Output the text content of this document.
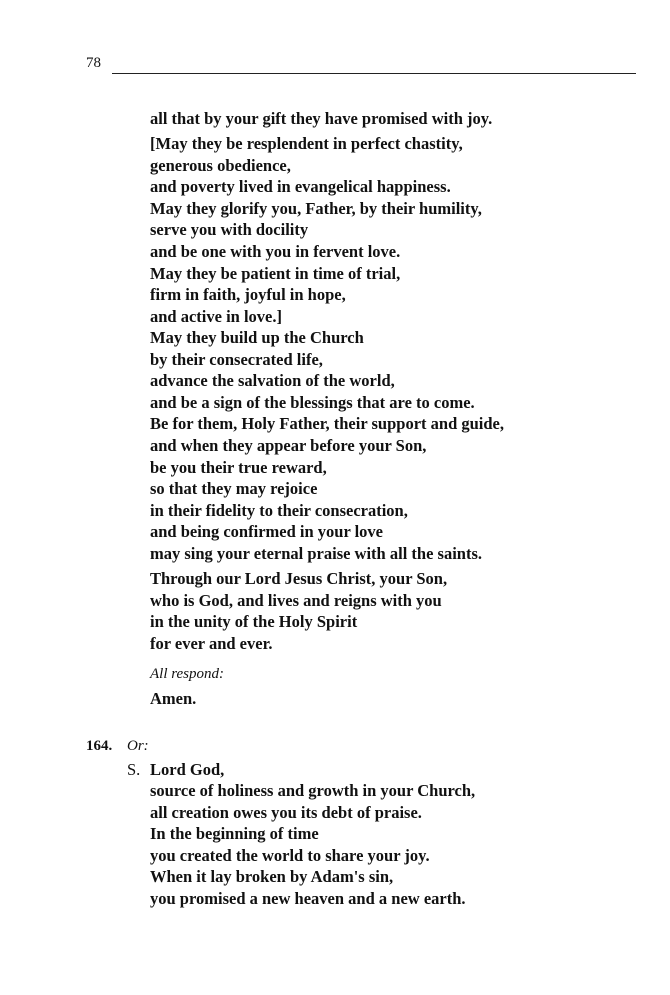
78
all that by your gift they have promised with joy.
[May they be resplendent in perfect chastity,
generous obedience,
and poverty lived in evangelical happiness.
May they glorify you, Father, by their humility,
serve you with docility
and be one with you in fervent love.
May they be patient in time of trial,
firm in faith, joyful in hope,
and active in love.]
May they build up the Church
by their consecrated life,
advance the salvation of the world,
and be a sign of the blessings that are to come.
Be for them, Holy Father, their support and guide,
and when they appear before your Son,
be you their true reward,
so that they may rejoice
in their fidelity to their consecration,
and being confirmed in your love
may sing your eternal praise with all the saints.
Through our Lord Jesus Christ, your Son,
who is God, and lives and reigns with you
in the unity of the Holy Spirit
for ever and ever.
All respond:
Amen.
164. Or:
S. Lord God,
source of holiness and growth in your Church,
all creation owes you its debt of praise.
In the beginning of time
you created the world to share your joy.
When it lay broken by Adam's sin,
you promised a new heaven and a new earth.
